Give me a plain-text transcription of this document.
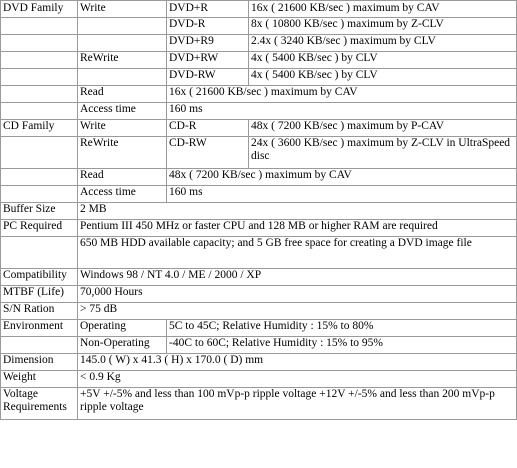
DVD Family	Write	DVD+R	16x ( 21600 KB/sec ) maximum by CAV
		DVD-R	8x ( 10800 KB/sec ) maximum by Z-CLV
		DVD+R9	2.4x ( 3240 KB/sec ) maximum by CLV
	ReWrite	DVD+RW	4x ( 5400 KB/sec ) by CLV
		DVD-RW	4x ( 5400 KB/sec ) by CLV
	Read	16x ( 21600 KB/sec ) maximum by CAV	
	Access time	160 ms	
CD Family	Write	CD-R	48x ( 7200 KB/sec ) maximum by P-CAV
	ReWrite	CD-RW	24x ( 3600 KB/sec ) maximum by Z-CLV in UltraSpeed disc
	Read	48x ( 7200 KB/sec ) maximum by CAV	
	Access time	160 ms	
Buffer Size	2 MB		
PC Required	Pentium III 450 MHz or faster CPU and 128 MB or higher RAM are required		
	650 MB HDD available capacity; and 5 GB free space for creating a DVD image file		
Compatibility	Windows 98 / NT 4.0 / ME / 2000 / XP		
MTBF (Life)	70,000 Hours		
S/N Ration	> 75 dB		
Environment	Operating	5C to 45C; Relative Humidity : 15% to 80%	
	Non-Operating	-40C to 60C; Relative Humidity : 15% to 95%	
Dimension	145.0 ( W) x 41.3 ( H) x 170.0 ( D) mm		
Weight	< 0.9 Kg		
Voltage Requirements	+5V +/-5% and less than 100 mVp-p ripple voltage +12V +/-5% and less than 200 mVp-p ripple voltage		
